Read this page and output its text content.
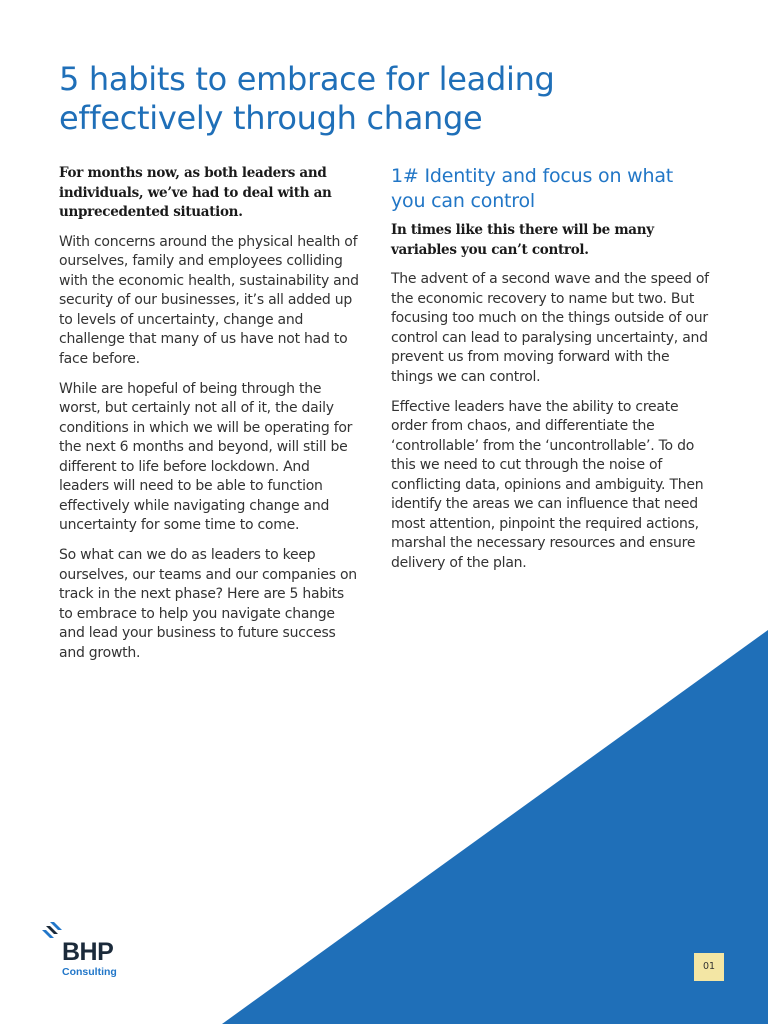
5 habits to embrace for leading effectively through change

For months now, as both leaders and individuals, we’ve had to deal with an unprecedented situation.

With concerns around the physical health of ourselves, family and employees colliding with the economic health, sustainability and security of our businesses, it’s all added up to levels of uncertainty, change and challenge that many of us have not had to face before.

While are hopeful of being through the worst, but certainly not all of it, the daily conditions in which we will be operating for the next 6 months and beyond, will still be different to life before lockdown. And leaders will need to be able to function effectively while navigating change and uncertainty for some time to come.

So what can we do as leaders to keep ourselves, our teams and our companies on track in the next phase? Here are 5 habits to embrace to help you navigate change and lead your business to future success and growth.

1# Identity and focus on what you can control

In times like this there will be many variables you can’t control.

The advent of a second wave and the speed of the economic recovery to name but two. But focusing too much on the things outside of our control can lead to paralysing uncertainty, and prevent us from moving forward with the things we can control.

Effective leaders have the ability to create order from chaos, and differentiate the ‘controllable’ from the ‘uncontrollable’. To do this we need to cut through the noise of conflicting data, opinions and ambiguity. Then identify the areas we can influence that need most attention, pinpoint the required actions, marshal the necessary resources and ensure delivery of the plan.

BHP
Consulting	01
